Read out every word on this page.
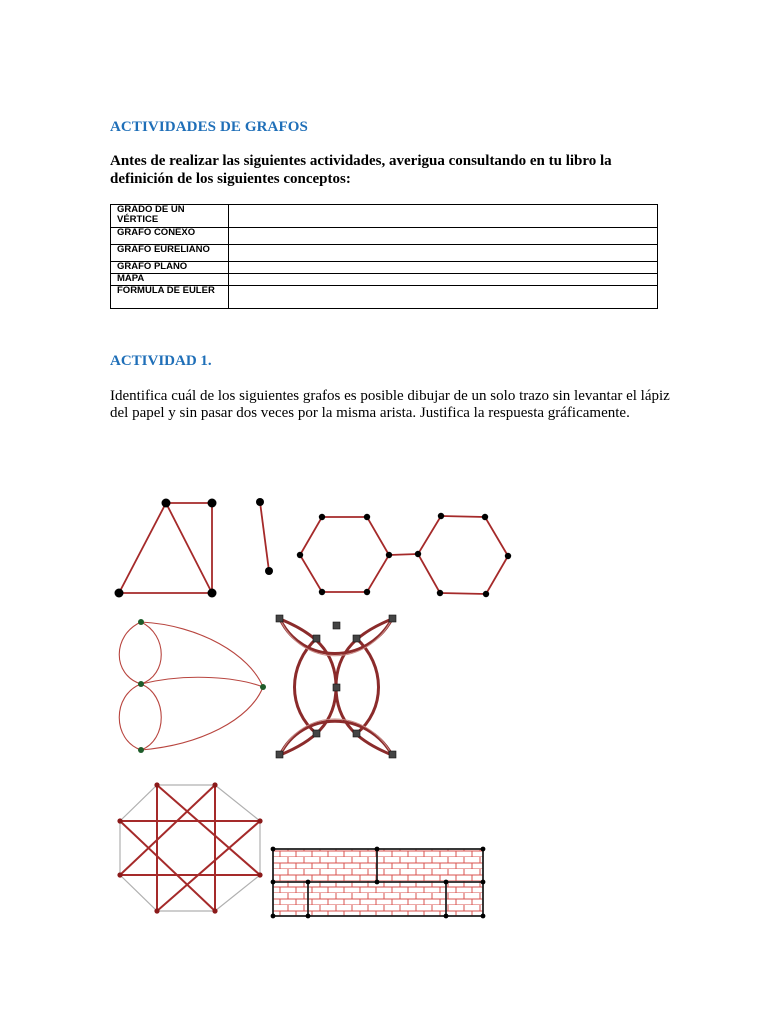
ACTIVIDADES DE GRAFOS

Antes de realizar las siguientes actividades, averigua consultando en tu libro la definición de los siguientes conceptos:

GRADO DE UN VÉRTICE	
GRAFO CONEXO	
GRAFO EURELIANO	
GRAFO PLANO	
MAPA	
FORMULA DE EULER	
ACTIVIDAD 1.

Identifica cuál de los siguientes grafos es posible dibujar de un solo trazo sin levantar el lápiz del papel y sin pasar dos veces por la misma arista. Justifica la respuesta gráficamente.
